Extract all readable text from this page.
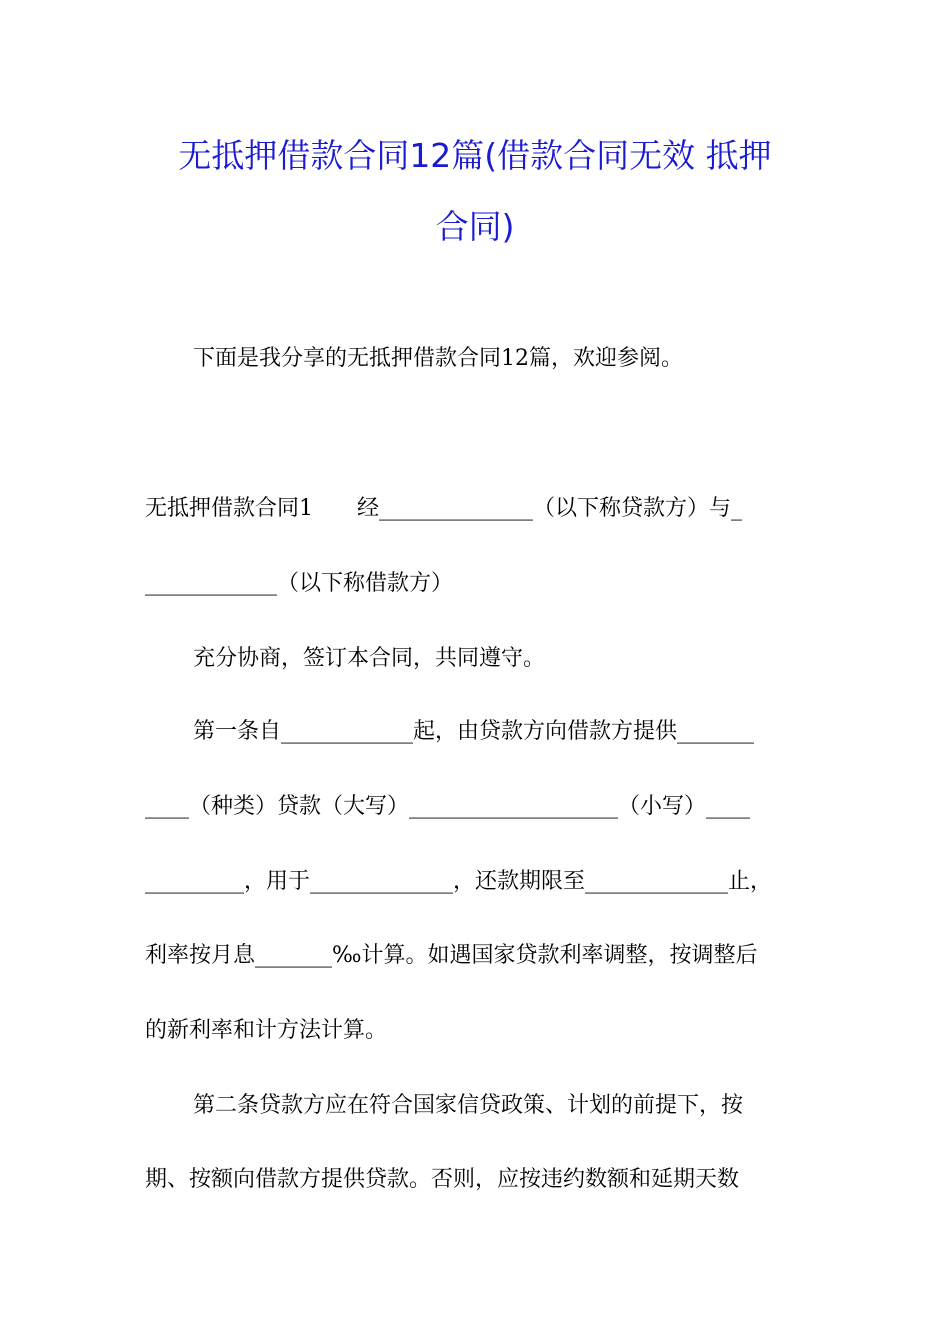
无抵押借款合同12篇(借款合同无效 抵押
合同)
下面是我分享的无抵押借款合同12篇，欢迎参阅。
无抵押借款合同1　　经______________（以下称贷款方）与_
____________（以下称借款方）
充分协商，签订本合同，共同遵守。
第一条自____________起，由贷款方向借款方提供_______
____（种类）贷款（大写）___________________（小写）____
_________，用于_____________，还款期限至_____________止，
利率按月息_______‰计算。如遇国家贷款利率调整，按调整后
的新利率和计方法计算。
第二条贷款方应在符合国家信贷政策、计划的前提下，按
期、按额向借款方提供贷款。否则，应按违约数额和延期天数
